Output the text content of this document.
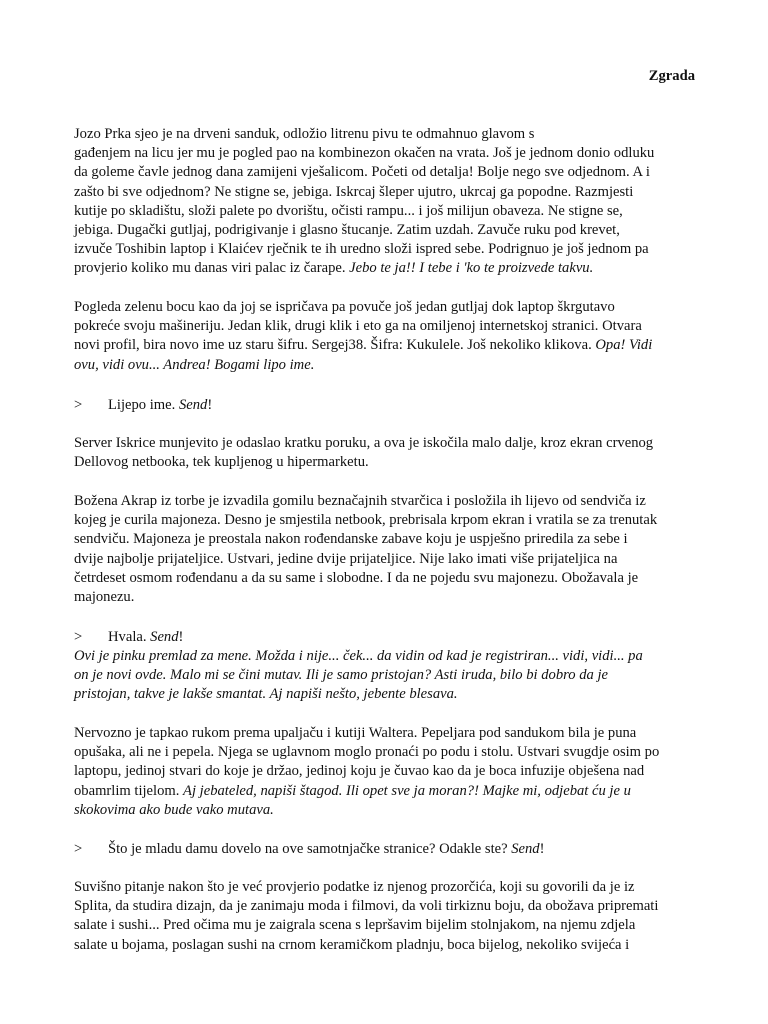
Zgrada
Jozo Prka sjeo je na drveni sanduk, odložio litrenu pivu te odmahnuo glavom s
gađenjem na licu jer mu je pogled pao na kombinezon okačen na vrata. Još je jednom donio odluku
da goleme čavle jednog dana zamijeni vješalicom. Početi od detalja! Bolje nego sve odjednom. A i
zašto bi sve odjednom? Ne stigne se, jebiga. Iskrcaj šleper ujutro, ukrcaj ga popodne. Razmjesti
kutije po skladištu, složi palete po dvorištu, očisti rampu... i još milijun obaveza. Ne stigne se,
jebiga. Dugački gutljaj, podrigivanje i glasno štucanje. Zatim uzdah. Zavuče ruku pod krevet,
izvuče Toshibin laptop i Klaićev rječnik te ih uredno složi ispred sebe. Podrignuo je još jednom pa
provjerio koliko mu danas viri palac iz čarape. Jebo te ja!! I tebe i 'ko te proizvede takvu.
Pogleda zelenu bocu kao da joj se ispričava pa povuče još jedan gutljaj dok laptop škrgutavo
pokreće svoju mašineriju. Jedan klik, drugi klik i eto ga na omiljenoj internetskoj stranici. Otvara
novi profil, bira novo ime uz staru šifru. Sergej38. Šifra: Kukulele. Još nekoliko klikova. Opa! Vidi
ovu, vidi ovu... Andrea! Bogami lipo ime.
> Lijepo ime. Send!
Server Iskrice munjevito je odaslao kratku poruku, a ova je iskočila malo dalje, kroz ekran crvenog
Dellovog netbooka, tek kupljenog u hipermarketu.
Božena Akrap iz torbe je izvadila gomilu beznačajnih stvarčica i posložila ih lijevo od sendviča iz
kojeg je curila majoneza. Desno je smjestila netbook, prebrisala krpom ekran i vratila se za trenutak
sendviču. Majoneza je preostala nakon rođendanske zabave koju je uspješno priredila za sebe i
dvije najbolje prijateljice. Ustvari, jedine dvije prijateljice. Nije lako imati više prijateljica na
četrdeset osmom rođendanu a da su same i slobodne. I da ne pojedu svu majonezu. Obožavala je
majonezu.
> Hvala. Send!
Ovi je pinku premlad za mene. Možda i nije... ček... da vidin od kad je registriran... vidi, vidi... pa
on je novi ovde. Malo mi se čini mutav. Ili je samo pristojan? Asti iruda, bilo bi dobro da je
pristojan, takve je lakše smantat. Aj napiši nešto, jebente blesava.
Nervozno je tapkao rukom prema upaljaču i kutiji Waltera. Pepeljara pod sandukom bila je puna
opušaka, ali ne i pepela. Njega se uglavnom moglo pronaći po podu i stolu. Ustvari svugdje osim po
laptopu, jedinoj stvari do koje je držao, jedinoj koju je čuvao kao da je boca infuzije obješena nad
obamrlim tijelom. Aj jebateled, napiši štagod. Ili opet sve ja moran?! Majke mi, odjebat ću je u
skokovima ako bude vako mutava.
> Što je mladu damu dovelo na ove samotnjačke stranice? Odakle ste? Send!
Suvišno pitanje nakon što je već provjerio podatke iz njenog prozorčića, koji su govorili da je iz
Splita, da studira dizajn, da je zanimaju moda i filmovi, da voli tirkiznu boju, da obožava pripremati
salate i sushi... Pred očima mu je zaigrala scena s lepršavim bijelim stolnjakom, na njemu zdjela
salate u bojama, poslagan sushi na crnom keramičkom pladnju, boca bijelog, nekoliko svijeća i
